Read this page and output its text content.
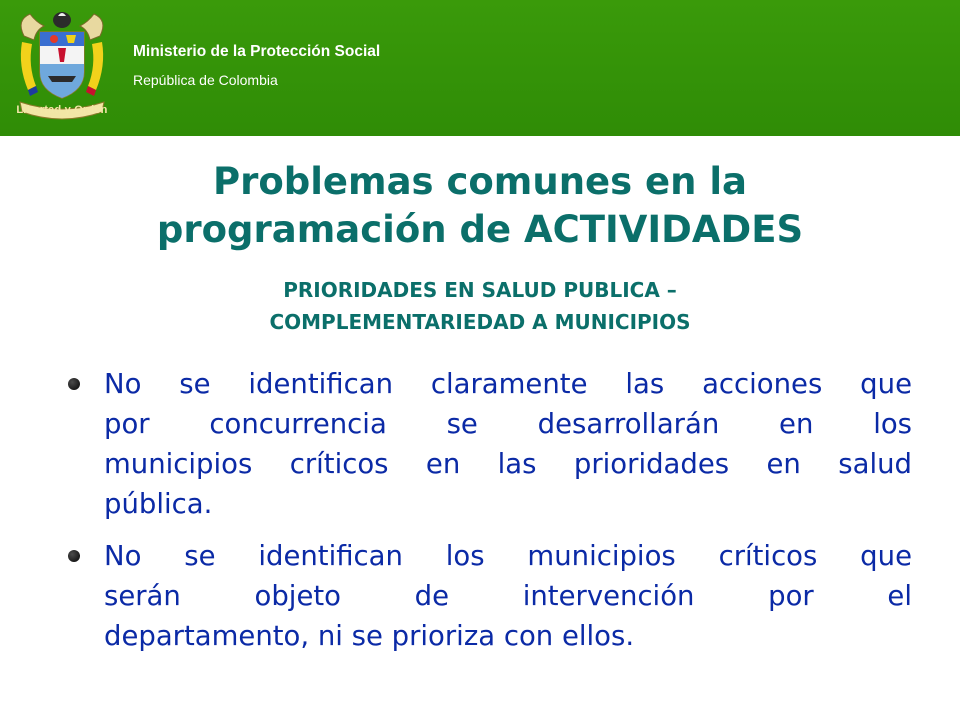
Libertad y Orden
Ministerio de la Protección Social
República de Colombia
Problemas comunes en la
programación de ACTIVIDADES
PRIORIDADES EN SALUD PUBLICA –
COMPLEMENTARIEDAD A MUNICIPIOS
No se identifican claramente las acciones que
por concurrencia se desarrollarán en los
municipios críticos en las prioridades en salud
pública.
No se identifican los municipios críticos que
serán objeto de intervención por el
departamento, ni se prioriza con ellos.
